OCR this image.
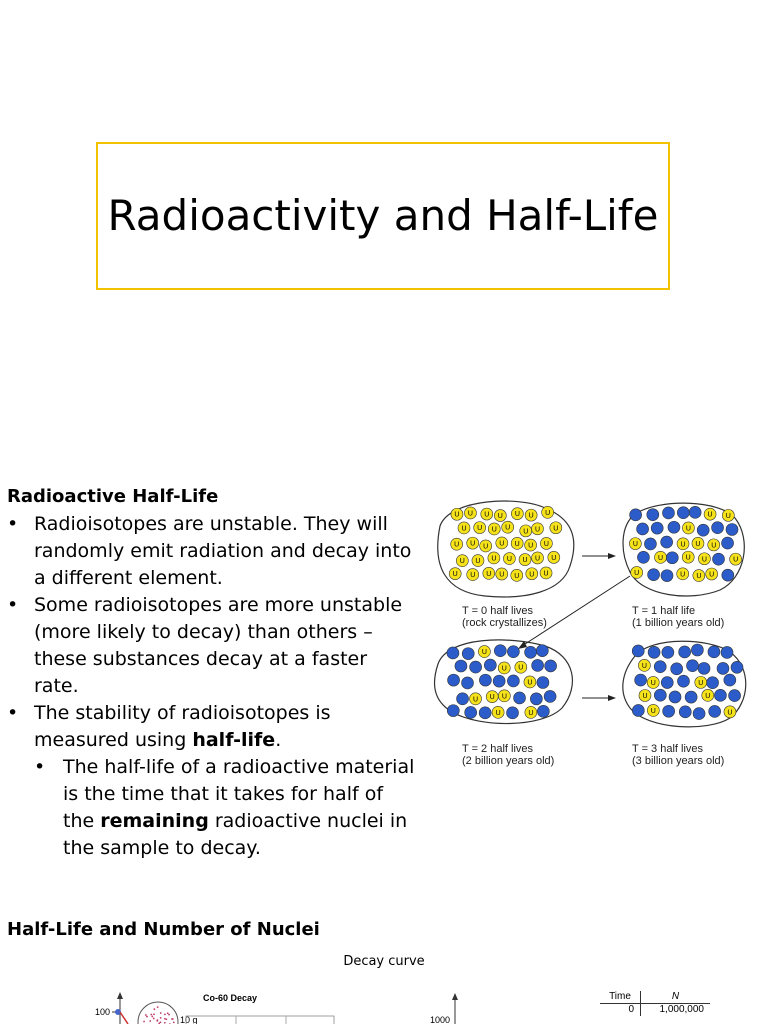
Radioactivity and Half-Life
Radioactive Half-Life
• Radioisotopes are unstable. They will randomly emit radiation and decay into a different element.
• Some radioisotopes are more unstable (more likely to decay) than others – these substances decay at a faster rate.
• The stability of radioisotopes is measured using half-life.
• The half-life of a radioactive material is the time that it takes for half of the remaining radioactive nuclei in the sample to decay.
U U U U U U U
U U U U
U U U
U U U U U U U
U U U U U U U
U U U U U U U
U U
U
U	U U U
U	U U	U
U	U U U
U
U U
U
U U U
U	U
U
U	U
U	U
U	U
T = 0 half lives
(rock crystallizes)
T = 1 half life
(1 billion years old)
T = 2 half lives
(2 billion years old)
T = 3 half lives
(3 billion years old)
Half-Life and Number of Nuclei
Decay curve
Co-60 Decay
100
10 g	1000
Time	N
0	1,000,000
